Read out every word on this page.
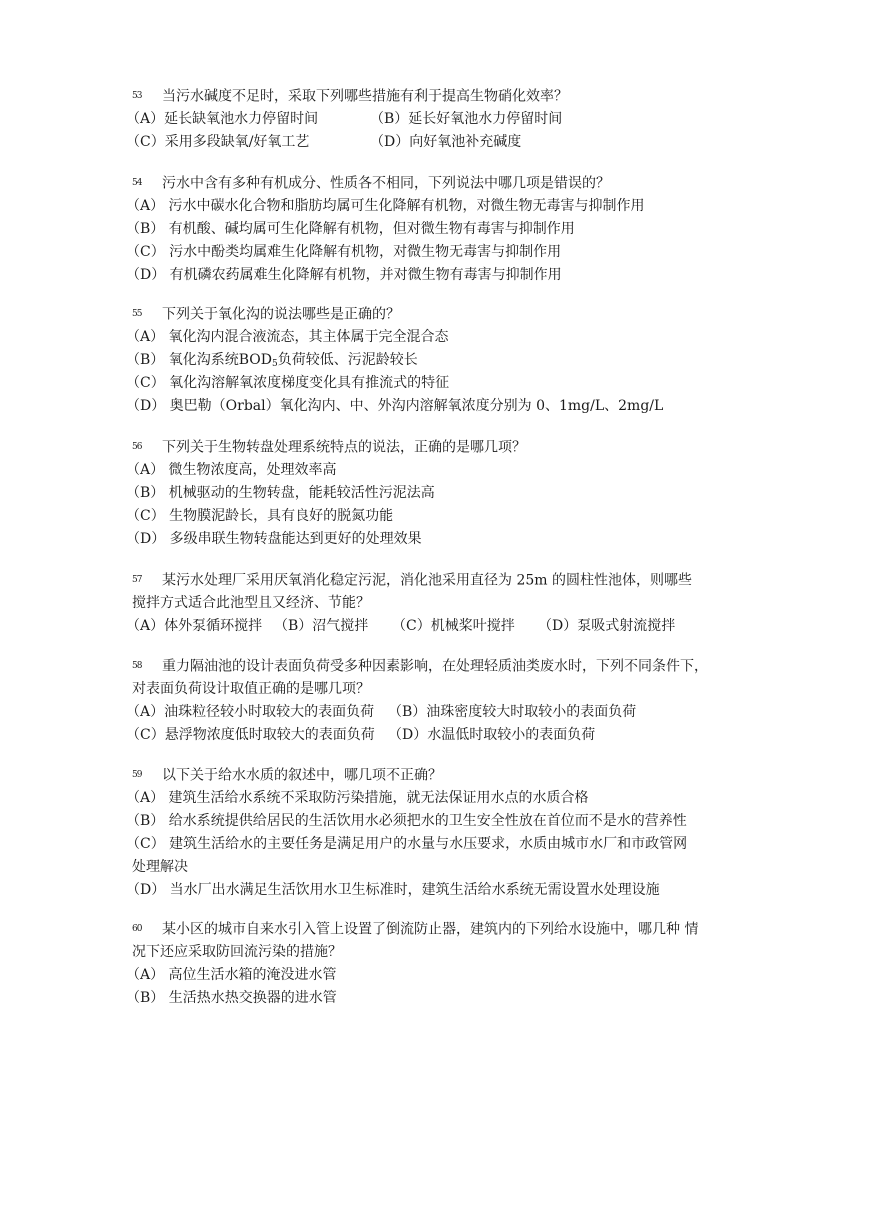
53 当污水碱度不足时，采取下列哪些措施有利于提高生物硝化效率？
（A）延长缺氧池水力停留时间	（B）延长好氧池水力停留时间
（C）采用多段缺氧/好氧工艺	（D）向好氧池补充碱度
54 污水中含有多种有机成分、性质各不相同，下列说法中哪几项是错误的？
（A） 污水中碳水化合物和脂肪均属可生化降解有机物，对微生物无毒害与抑制作用
（B） 有机酸、碱均属可生化降解有机物，但对微生物有毒害与抑制作用
（C） 污水中酚类均属难生化降解有机物，对微生物无毒害与抑制作用
（D） 有机磷农药属难生化降解有机物，并对微生物有毒害与抑制作用
55 下列关于氧化沟的说法哪些是正确的？
（A） 氧化沟内混合液流态，其主体属于完全混合态
（B） 氧化沟系统$BOD_5$负荷较低、污泥龄较长
（C） 氧化沟溶解氧浓度梯度变化具有推流式的特征
（D） 奥巴勒（Orbal）氧化沟内、中、外沟内溶解氧浓度分别为 0、1mg/L、2mg/L
56 下列关于生物转盘处理系统特点的说法，正确的是哪几项？
（A） 微生物浓度高，处理效率高
（B） 机械驱动的生物转盘，能耗较活性污泥法高
（C） 生物膜泥龄长，具有良好的脱氮功能
（D） 多级串联生物转盘能达到更好的处理效果
57 某污水处理厂采用厌氧消化稳定污泥，消化池采用直径为 25m 的圆柱性池体，则哪些
搅拌方式适合此池型且又经济、节能？
（A）体外泵循环搅拌 （B）沼气搅拌 （C）机械桨叶搅拌 （D）泵吸式射流搅拌
58 重力隔油池的设计表面负荷受多种因素影响，在处理轻质油类废水时，下列不同条件下，
对表面负荷设计取值正确的是哪几项？
（A）油珠粒径较小时取较大的表面负荷 （B）油珠密度较大时取较小的表面负荷
（C）悬浮物浓度低时取较大的表面负荷 （D）水温低时取较小的表面负荷
59 以下关于给水水质的叙述中，哪几项不正确？
（A） 建筑生活给水系统不采取防污染措施，就无法保证用水点的水质合格
（B） 给水系统提供给居民的生活饮用水必须把水的卫生安全性放在首位而不是水的营养性
（C） 建筑生活给水的主要任务是满足用户的水量与水压要求，水质由城市水厂和市政管网
处理解决
（D） 当水厂出水满足生活饮用水卫生标准时，建筑生活给水系统无需设置水处理设施
60 某小区的城市自来水引入管上设置了倒流防止器，建筑内的下列给水设施中，哪几种 情
况下还应采取防回流污染的措施？
（A） 高位生活水箱的淹没进水管
（B） 生活热水热交换器的进水管
